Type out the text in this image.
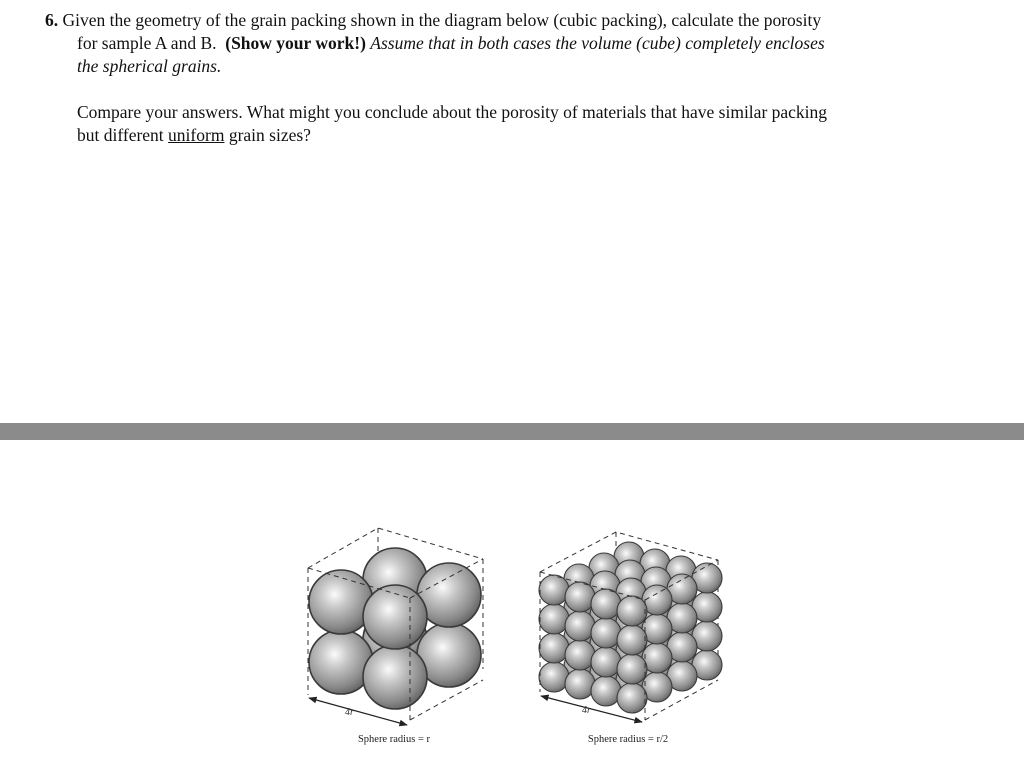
6. Given the geometry of the grain packing shown in the diagram below (cubic packing), calculate the porosity

for sample A and B. (Show your work!) Assume that in both cases the volume (cube) completely encloses

the spherical grains.

Compare your answers. What might you conclude about the porosity of materials that have similar packing

but different uniform grain sizes?

4r
Sphere radius = r
4r
Sphere radius = r/2
